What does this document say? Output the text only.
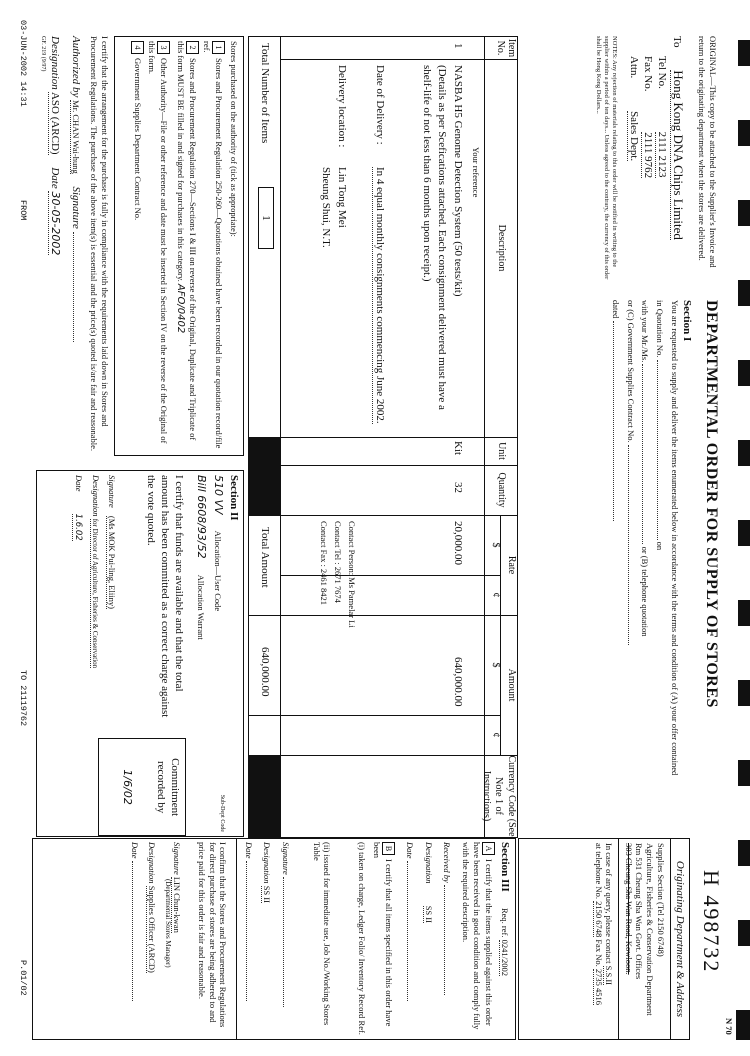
03-JUN-2002 14:31
FROM
TO 21119762
P.01/02
N 70
H 498732
ORIGINAL—This copy to be attached to the Supplier's Invoice and return to the originating department when the stores are delivered.
To Hong Kong DNA Chips Limited
Tel No. 2111 2123
Fax No. 2111 9762
Attn. Sales Dept.
NOTES: Any rejection of materials relating to this order will be notified in writing to the supplier within a period of ten days... Unless agreed to the contrary, the currency of this order shall be Hong Kong Dollars...
DEPARTMENTAL ORDER FOR SUPPLY OF STORES
Section I
You are requested to supply and deliver the items enumerated below in accordance with the terms and condition of (A) your offer contained
in Quotation No.  on
with your Mr./Ms.  or (B) telephone quotation
or (C) Government Supplies Contract No.
dated
Originating Department & Address
Supplies Section (Tel 2150 6748)
Agriculture, Fisheries & Conservation Department
Rm 531 Cheung Sha Wan Govt. Offices
303 Cheung Sha Wan Road, Kowloon.
In case of any query, please contact S.S.II
at telephone No. 2150 6748 Fax No. 2735 4516
Item No.
Description
Unit
Quantity
Rate
$
¢
Amount
$
¢
Currency Code (See Note 1 of Instructions)
Your reference
1
NASBA H5 Genome Detection System (50 tests/kit)
(Details as per Scefications attached. Each consignment delivered must have a shelf-life of not less than 6 months upon receipt.)
Kit
32
20,000.00
640,000.00
Date of Delivery :
In 4 equal monthly consignments commencing June 2002.
Delivery location :
Lin Tong Mei
Sheung Shui, N.T.
Contact Person: Ms Pamelar Li
Contact Tel : 2671 7674
Contact Fax : 2461 8421
Total Number of Items
1
Total Amount
640,000.00
Stores purchased on the authority of (tick as appropriate):
1Stores and Procurement Regulation 250-260—Quotations obtained have been recorded in our quotation record/file ref.
2Stores and Procurement Regulation 270—Sections I & III on reverse of the Original, Duplicate and Triplicate of this form MUST BE filled in and signed for purchases in this category. AFO/0402
3Other Authority—File or other reference and date must be inserted in Section IV on the reverse of the Original of this form.
4Government Supplies Department Contract No.
I certify that the arrangement for the purchase is fully in compliance with the requirements laid down in Stores and Procurement Regulations. The purchase of the above item(s) is essential and the price(s) quoted is/are fair and reasonable.
Authorized by Mr. CHAN Wai-hung Signature
Designation ASO (ARCD) Date 30-05-2002
GF. 219 (9/97)
Section II
510 VV Allocation—User Code
Sub-Dept Code
Bill 6608/93/52 Allocation Warrant
I certify that funds are available and that the total amount has been committed as a correct charge against the vote quoted.
Signature (Ms MOK Pui-ling, Eliiny)
Designation for Director of Agriculture, Fisheries & Conservation
Date 1.6.02
Commitment recorded by
1/6/02
Section III Req. ref. 0241/2002
AI certify that the items supplied against this order have been received in good condition and comply fully with the required description.
Received by
Designation SS II
Date
BI certify that all items specified in this order have been
(i) taken on charge, Ledger Folio/ Inventory Record Ref.
(ii) issued for immediate use, Job No./Working Stores Table
Signature
Designation SS II
Date
I confirm that the Stores and Procurement Regulations for direct purchase of stores are being adhered to and price paid for this order is fair and reasonable.
Signature LIN Chun-kwan
(Departmental Stores Manager)
Designation Supplies Officer (ARCD)
Date
